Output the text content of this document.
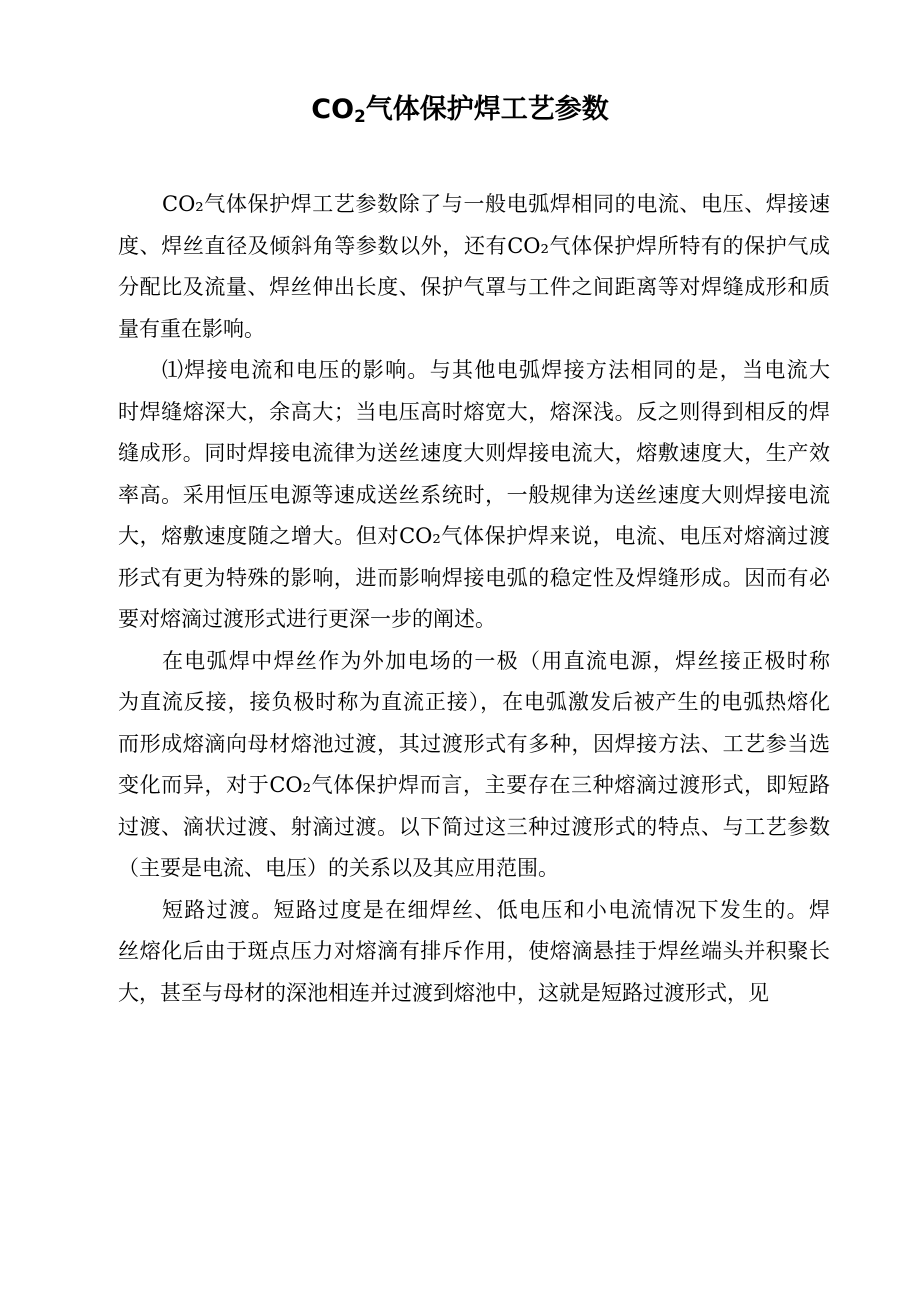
$CO_2$气体保护焊工艺参数
CO₂气体保护焊工艺参数除了与一般电弧焊相同的电流、电压、焊接速
度、焊丝直径及倾斜角等参数以外，还有CO₂气体保护焊所特有的保护气成
分配比及流量、焊丝伸出长度、保护气罩与工件之间距离等对焊缝成形和质
量有重在影响。
⑴焊接电流和电压的影响。与其他电弧焊接方法相同的是，当电流大
时焊缝熔深大，余高大；当电压高时熔宽大，熔深浅。反之则得到相反的焊
缝成形。同时焊接电流律为送丝速度大则焊接电流大，熔敷速度大，生产效
率高。采用恒压电源等速成送丝系统时，一般规律为送丝速度大则焊接电流
大，熔敷速度随之增大。但对CO₂气体保护焊来说，电流、电压对熔滴过渡
形式有更为特殊的影响，进而影响焊接电弧的稳定性及焊缝形成。因而有必
要对熔滴过渡形式进行更深一步的阐述。
在电弧焊中焊丝作为外加电场的一极（用直流电源，焊丝接正极时称
为直流反接，接负极时称为直流正接），在电弧激发后被产生的电弧热熔化
而形成熔滴向母材熔池过渡，其过渡形式有多种，因焊接方法、工艺参当选
变化而异，对于CO₂气体保护焊而言，主要存在三种熔滴过渡形式，即短路
过渡、滴状过渡、射滴过渡。以下简过这三种过渡形式的特点、与工艺参数
（主要是电流、电压）的关系以及其应用范围。
短路过渡。短路过度是在细焊丝、低电压和小电流情况下发生的。焊
丝熔化后由于斑点压力对熔滴有排斥作用，使熔滴悬挂于焊丝端头并积聚长
大，甚至与母材的深池相连并过渡到熔池中，这就是短路过渡形式，见
